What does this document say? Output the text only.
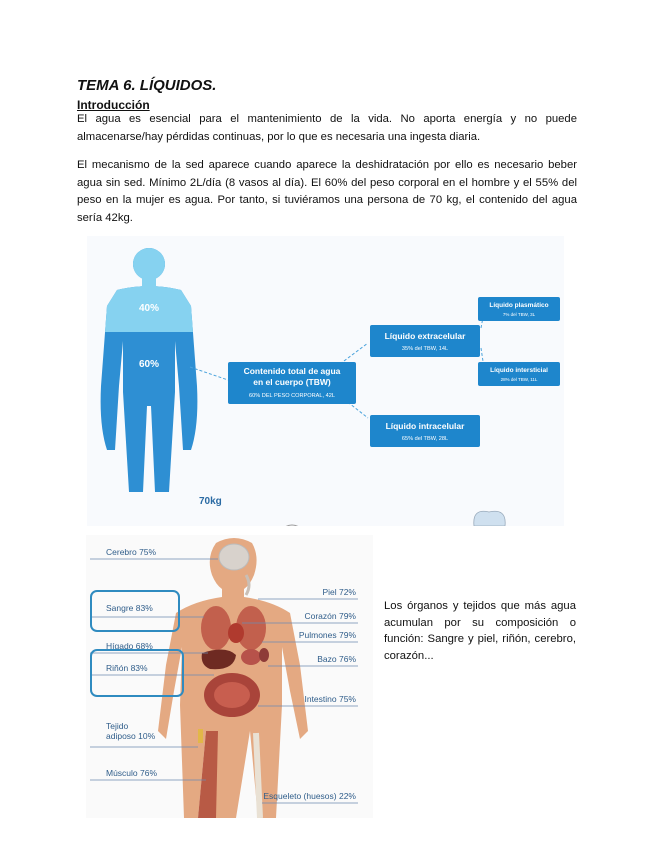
TEMA 6. LÍQUIDOS.
Introducción
El agua es esencial para el mantenimiento de la vida. No aporta energía y no puede almacenarse/hay pérdidas continuas, por lo que es necesaria una ingesta diaria.
El mecanismo de la sed aparece cuando aparece la deshidratación por ello es necesario beber agua sin sed. Mínimo 2L/día (8 vasos al día). El 60% del peso corporal en el hombre y el 55% del peso en la mujer es agua. Por tanto, si tuviéramos una persona de 70 kg, el contenido del agua sería 42kg.
40%
60%
70kg
Contenido total de agua
en el cuerpo (TBW)
60% DEL PESO CORPORAL, 42L
Líquido extracelular
35% del TBW, 14L
Líquido intracelular
65% del TBW, 28L
Líquido plasmático
7% del TBW, 3L
Líquido intersticial
28% del TBW, 11L
Cerebro 75%
Sangre 83%
Hígado 68%
Riñón 83%
Tejido
adiposo 10%
Músculo 76%
Piel 72%
Corazón 79%
Pulmones 79%
Bazo 76%
Intestino 75%
Esqueleto (huesos) 22%
Los órganos y tejidos que más agua acumulan por su composición o función: Sangre y piel, riñón, cerebro, corazón...
